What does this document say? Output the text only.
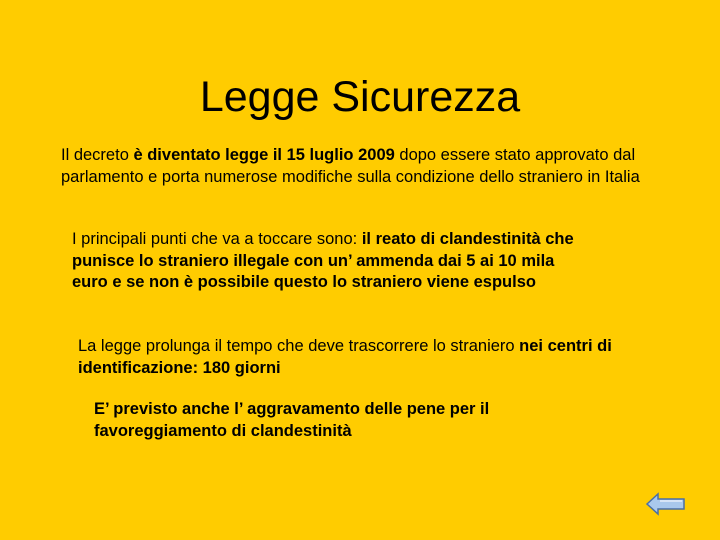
Legge Sicurezza
Il decreto è diventato legge il 15 luglio 2009 dopo essere stato approvato dal parlamento e porta numerose modifiche sulla condizione dello straniero in Italia
I principali punti che va a toccare sono: il reato di clandestinità che punisce lo straniero illegale con un’ ammenda dai 5 ai 10 mila euro e se non è possibile questo lo straniero viene espulso
La legge prolunga il tempo che deve trascorrere lo straniero nei centri di identificazione: 180 giorni
E’ previsto anche l’ aggravamento delle pene per il favoreggiamento di clandestinità
